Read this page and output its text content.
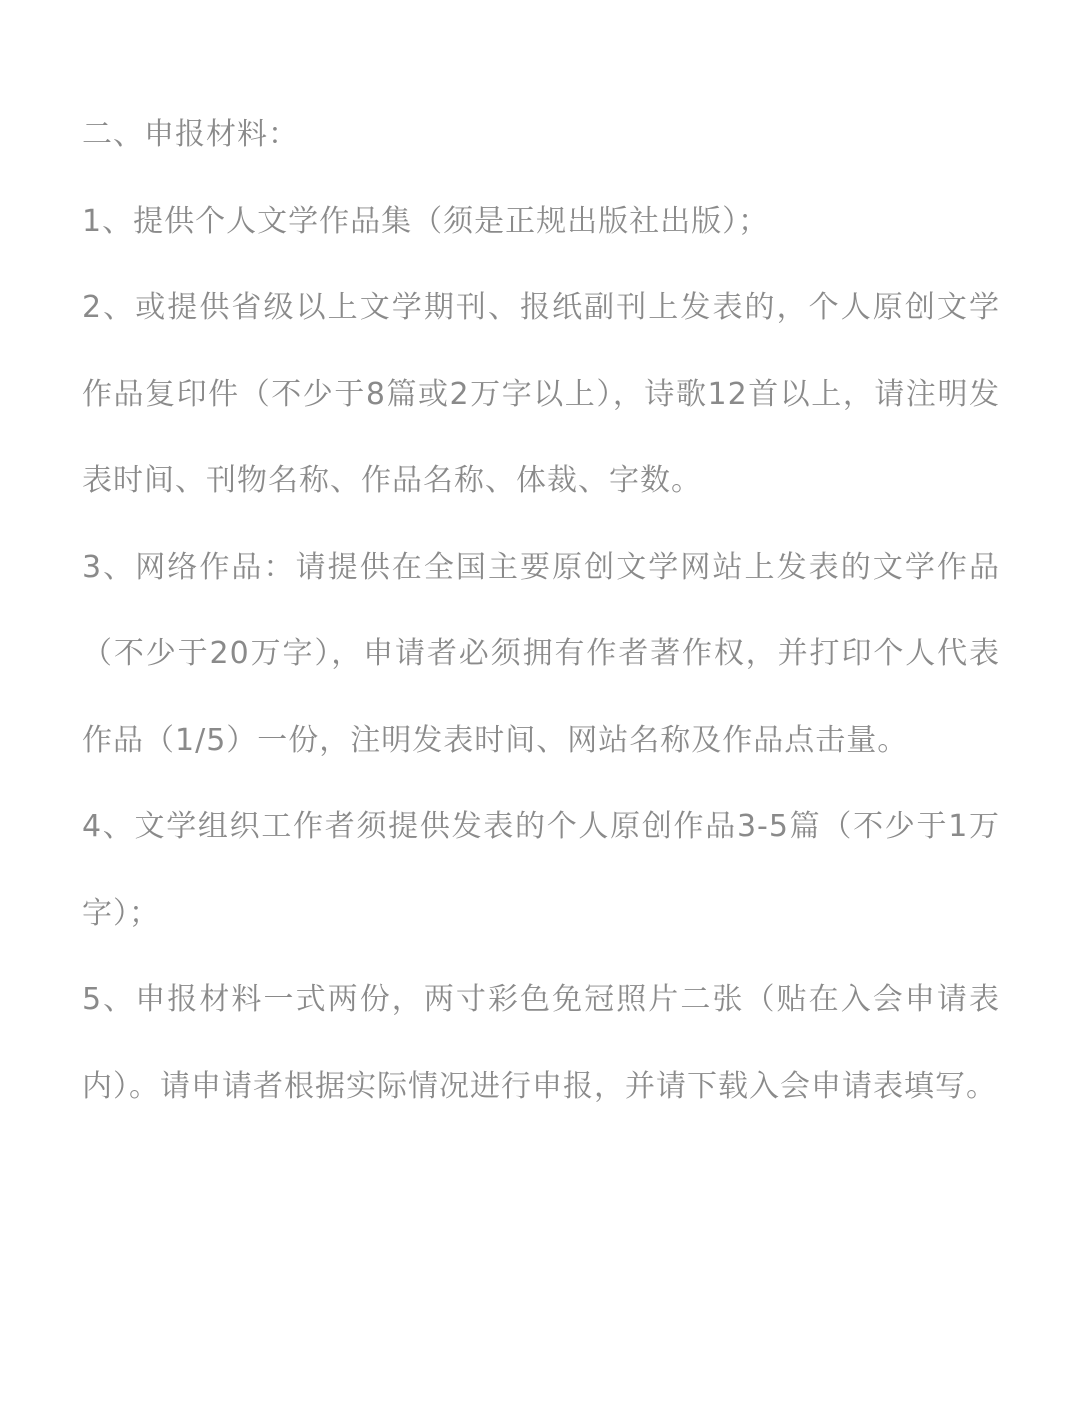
二、申报材料：

1、提供个人文学作品集（须是正规出版社出版）；

2、或提供省级以上文学期刊、报纸副刊上发表的，个人原创文学作品复印件（不少于8篇或2万字以上），诗歌12首以上，请注明发表时间、刊物名称、作品名称、体裁、字数。

3、网络作品：请提供在全国主要原创文学网站上发表的文学作品（不少于20万字），申请者必须拥有作者著作权，并打印个人代表作品（1/5）一份，注明发表时间、网站名称及作品点击量。

4、文学组织工作者须提供发表的个人原创作品3-5篇（不少于1万字）；

5、申报材料一式两份，两寸彩色免冠照片二张（贴在入会申请表内）。请申请者根据实际情况进行申报，并请下载入会申请表填写。
